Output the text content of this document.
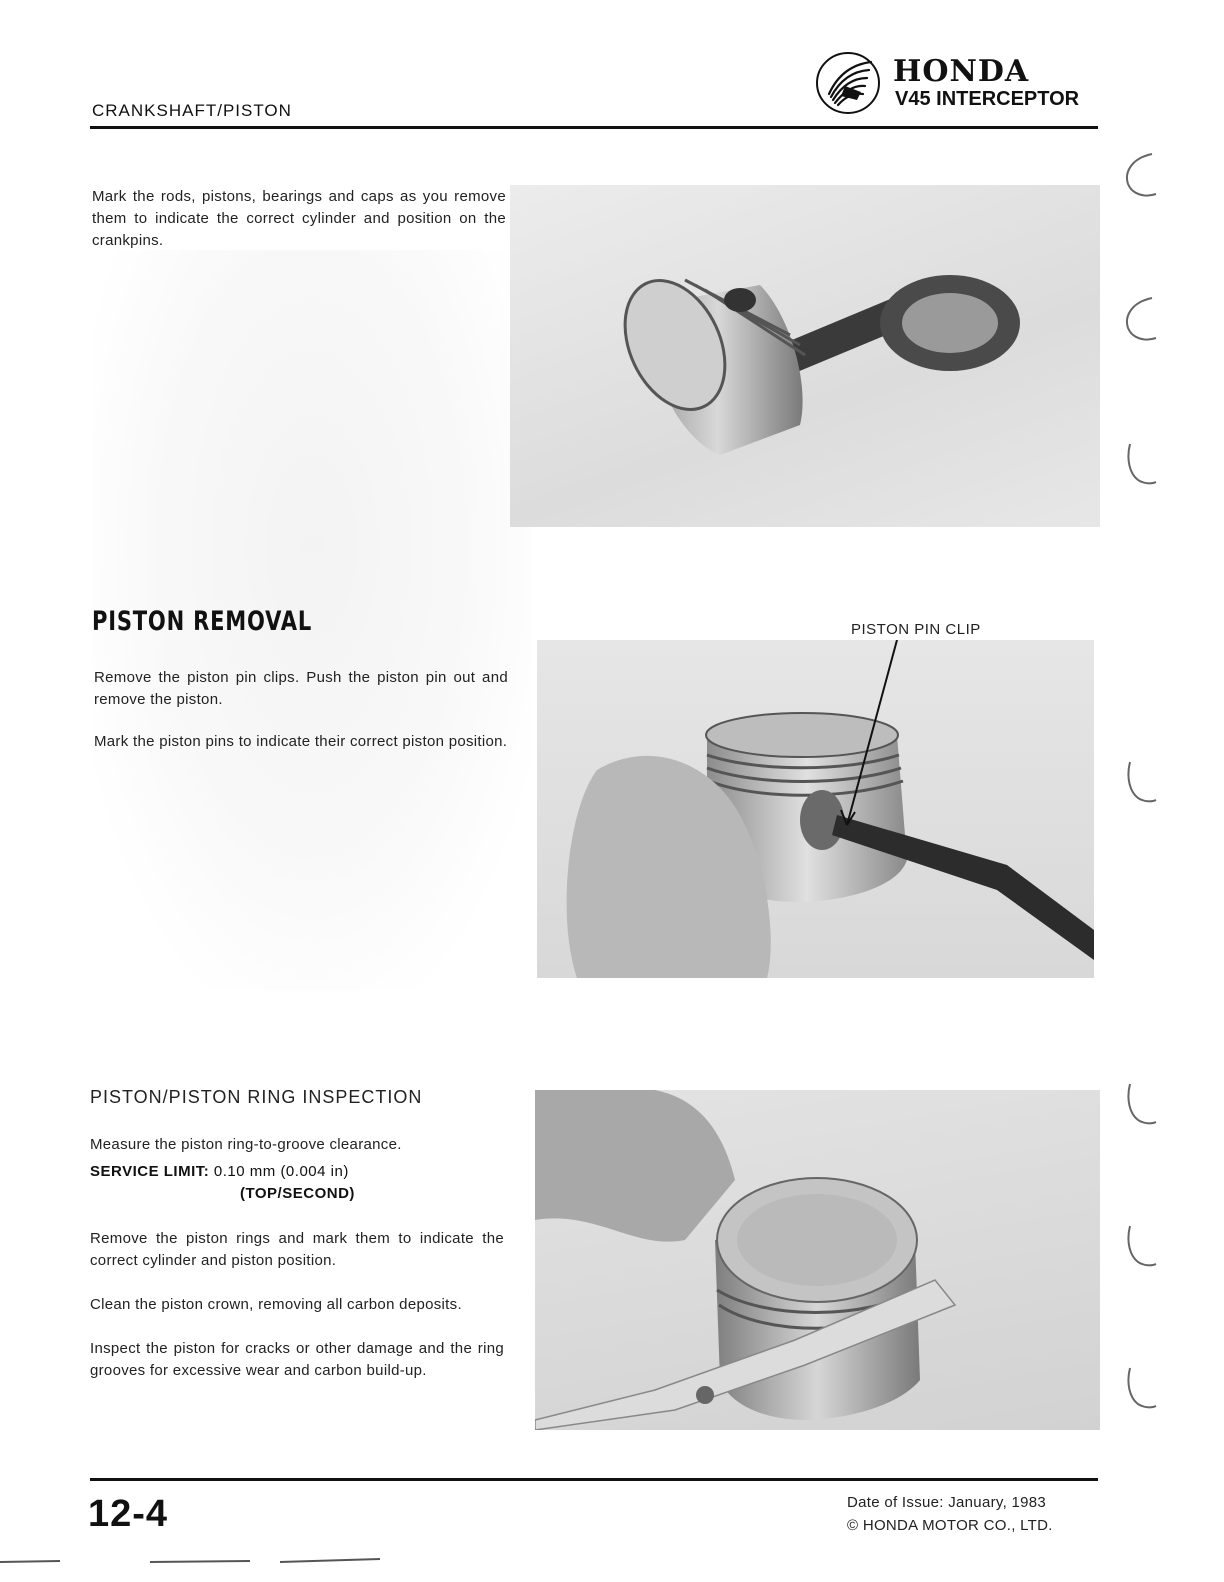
CRANKSHAFT/PISTON
HONDA
V45 INTERCEPTOR
Mark the rods, pistons, bearings and caps as you remove them to indicate the correct cylinder and position on the crankpins.
PISTON REMOVAL
Remove the piston pin clips. Push the piston pin out and remove the piston.
Mark the piston pins to indicate their correct piston position.
PISTON PIN CLIP
PISTON/PISTON RING INSPECTION
Measure the piston ring-to-groove clearance.
SERVICE LIMIT: 0.10 mm (0.004 in)
(TOP/SECOND)
Remove the piston rings and mark them to indicate the correct cylinder and piston position.
Clean the piston crown, removing all carbon deposits.
Inspect the piston for cracks or other damage and the ring grooves for excessive wear and carbon build-up.
12-4	Date of Issue: January, 1983
© HONDA MOTOR CO., LTD.
